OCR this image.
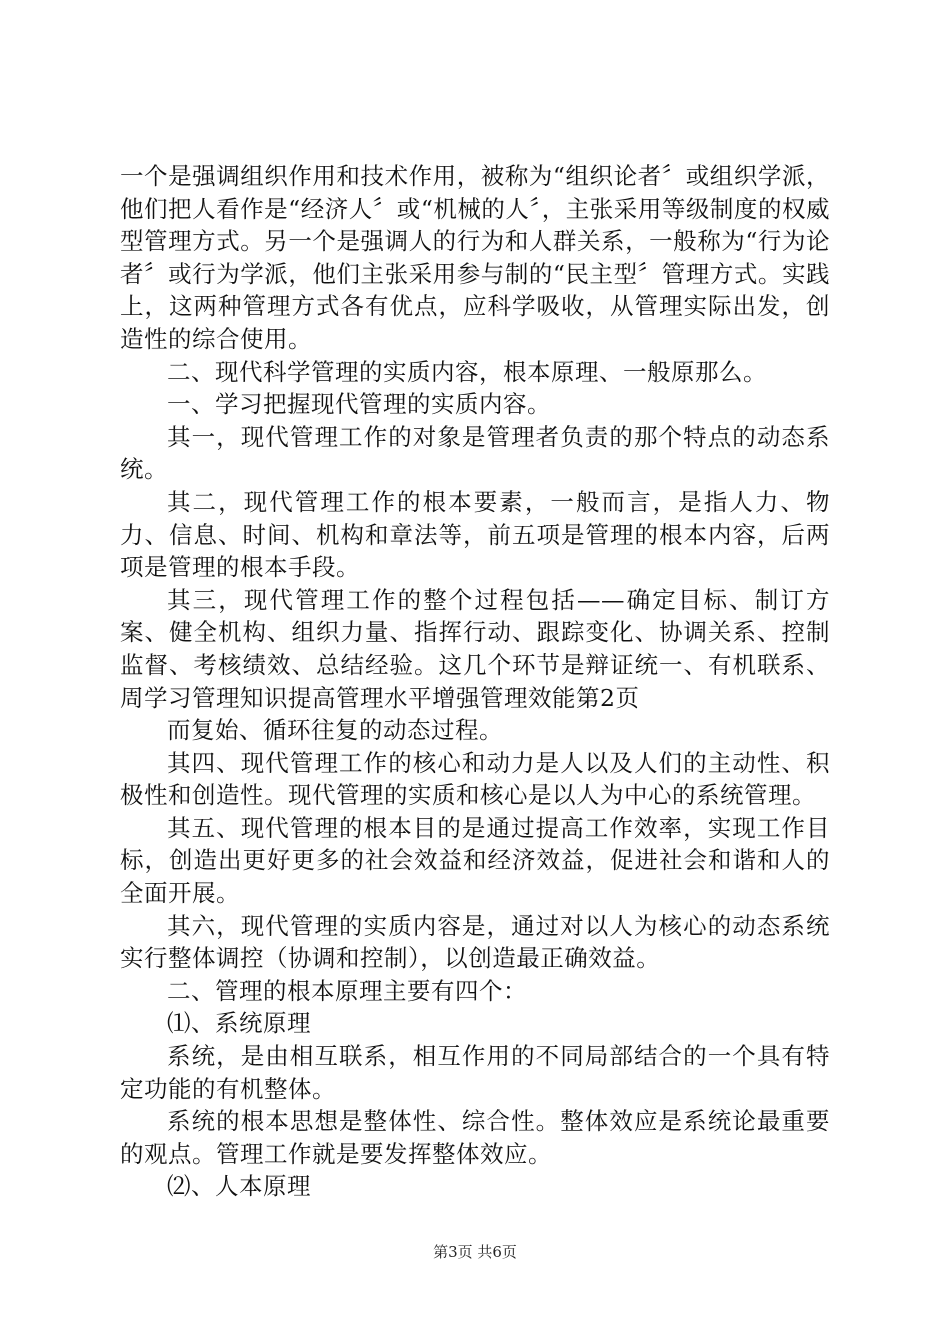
一个是强调组织作用和技术作用，被称为“组织论者〞或组织学派，他们把人看作是“经济人〞或“机械的人〞，主张采用等级制度的权威型管理方式。另一个是强调人的行为和人群关系，一般称为“行为论者〞或行为学派，他们主张采用参与制的“民主型〞管理方式。实践上，这两种管理方式各有优点，应科学吸收，从管理实际出发，创造性的综合使用。

二、现代科学管理的实质内容，根本原理、一般原那么。

一、学习把握现代管理的实质内容。

其一，现代管理工作的对象是管理者负责的那个特点的动态系统。

其二，现代管理工作的根本要素，一般而言，是指人力、物力、信息、时间、机构和章法等，前五项是管理的根本内容，后两项是管理的根本手段。

其三，现代管理工作的整个过程包括——确定目标、制订方案、健全机构、组织力量、指挥行动、跟踪变化、协调关系、控制监督、考核绩效、总结经验。这几个环节是辩证统一、有机联系、周学习管理知识提高管理水平增强管理效能第2页

而复始、循环往复的动态过程。

其四、现代管理工作的核心和动力是人以及人们的主动性、积极性和创造性。现代管理的实质和核心是以人为中心的系统管理。

其五、现代管理的根本目的是通过提高工作效率，实现工作目标，创造出更好更多的社会效益和经济效益，促进社会和谐和人的全面开展。

其六，现代管理的实质内容是，通过对以人为核心的动态系统实行整体调控（协调和控制），以创造最正确效益。

二、管理的根本原理主要有四个：

⑴、系统原理

系统，是由相互联系，相互作用的不同局部结合的一个具有特定功能的有机整体。

系统的根本思想是整体性、综合性。整体效应是系统论最重要的观点。管理工作就是要发挥整体效应。

⑵、人本原理

第3页 共6页
